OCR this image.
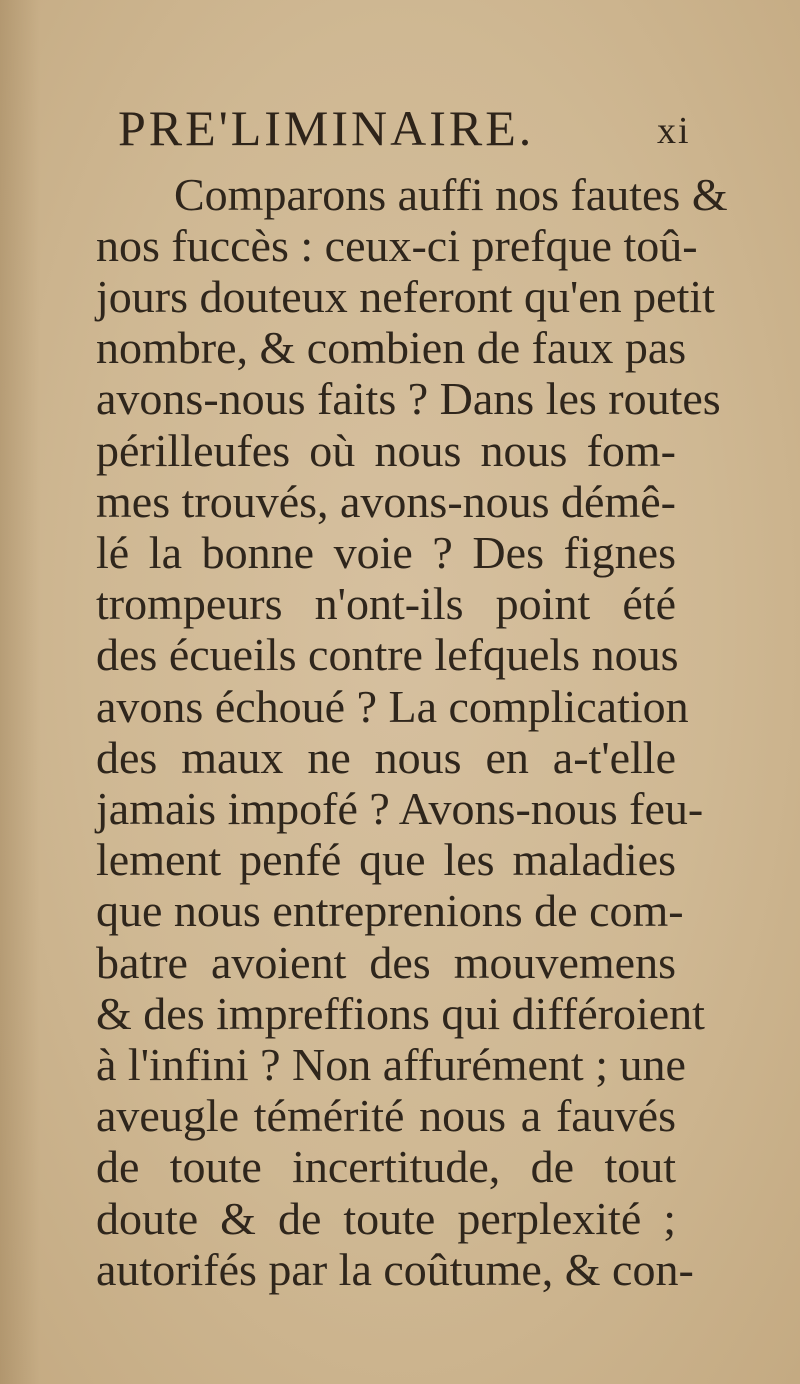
PRE'LIMINAIRE.	xi
Comparons auffi nos fautes &
nos fuccès : ceux-ci prefque toû-
jours douteux neferont qu'en petit
nombre, & combien de faux pas
avons-nous faits ? Dans les routes
périlleufes où nous nous fom-
mes trouvés, avons-nous démê-
lé la bonne voie ? Des fignes
trompeurs n'ont-ils point été
des écueils contre lefquels nous
avons échoué ? La complication
des maux ne nous en a-t'elle
jamais impofé ? Avons-nous feu-
lement penfé que les maladies
que nous entreprenions de com-
batre avoient des mouvemens
& des impreffions qui différoient
à l'infini ? Non affurément ; une
aveugle témérité nous a fauvés
de toute incertitude, de tout
doute & de toute perplexité ;
autorifés par la coûtume, & con-
